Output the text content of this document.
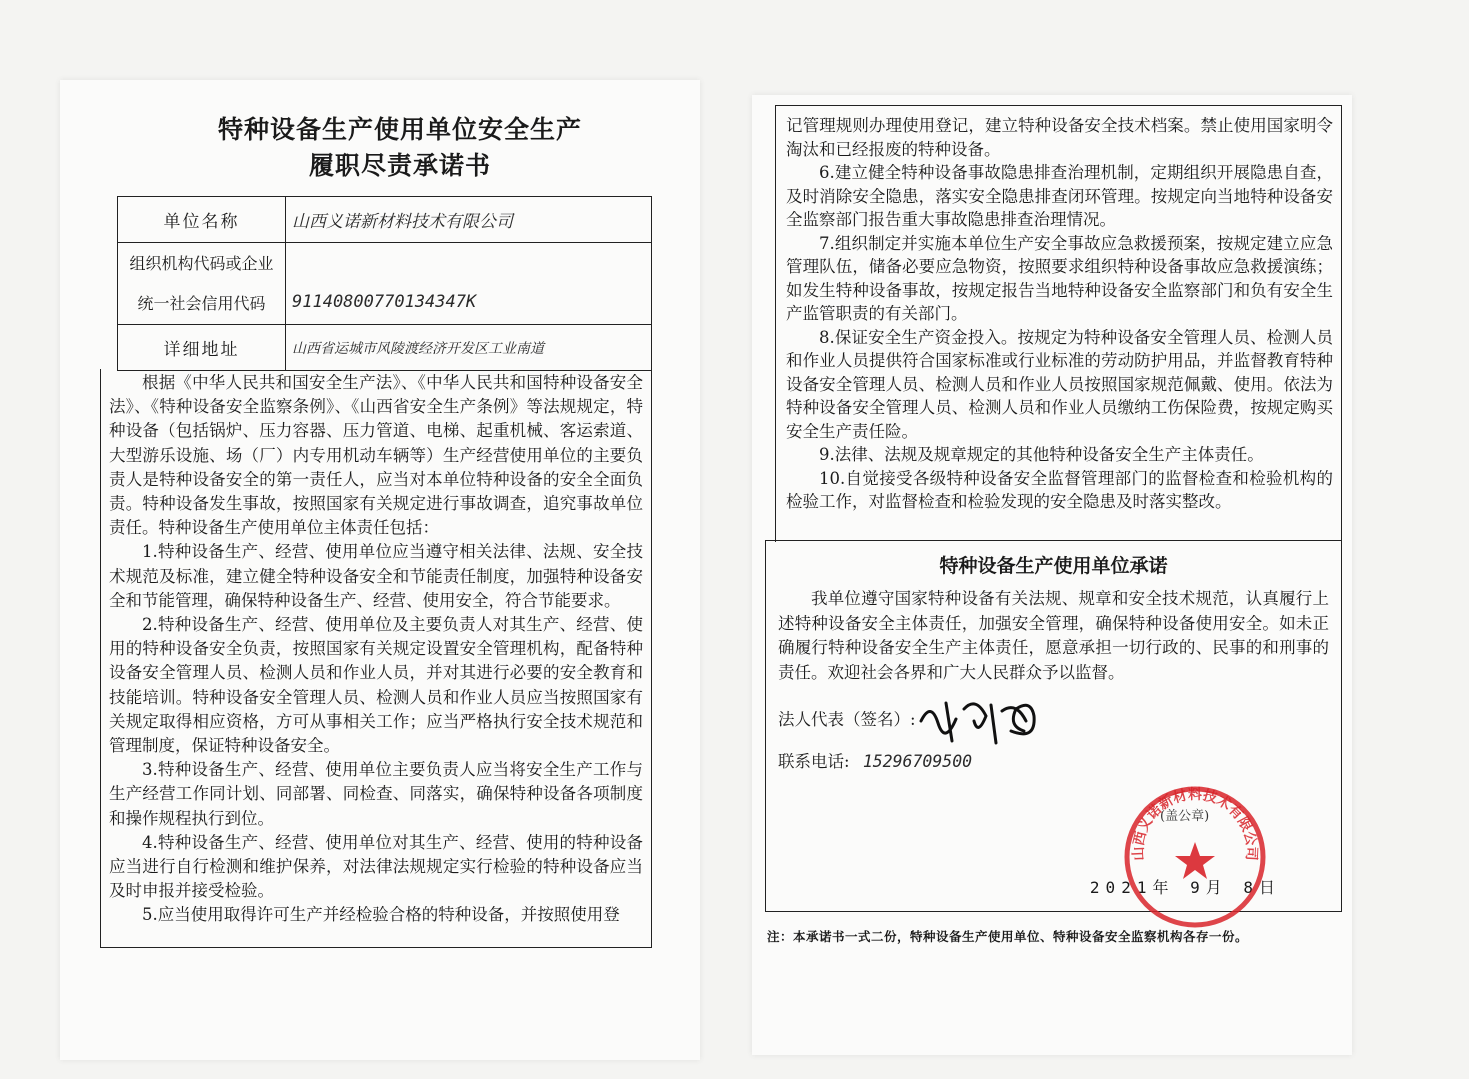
特种设备生产使用单位安全生产
履职尽责承诺书
单位名称	山西义诺新材料技术有限公司

组织机构代码或企业
统一社会信用代码	91140800770134347K
详细地址	山西省运城市风陵渡经济开发区工业南道

根据《中华人民共和国安全生产法》、《中华人民共和国特种设备安全法》、《特种设备安全监察条例》、《山西省安全生产条例》等法规规定，特种设备（包括锅炉、压力容器、压力管道、电梯、起重机械、客运索道、大型游乐设施、场（厂）内专用机动车辆等）生产经营使用单位的主要负责人是特种设备安全的第一责任人，应当对本单位特种设备的安全全面负责。特种设备发生事故，按照国家有关规定进行事故调查，追究事故单位责任。特种设备生产使用单位主体责任包括：

1.特种设备生产、经营、使用单位应当遵守相关法律、法规、安全技术规范及标准，建立健全特种设备安全和节能责任制度，加强特种设备安全和节能管理，确保特种设备生产、经营、使用安全，符合节能要求。

2.特种设备生产、经营、使用单位及主要负责人对其生产、经营、使用的特种设备安全负责，按照国家有关规定设置安全管理机构，配备特种设备安全管理人员、检测人员和作业人员，并对其进行必要的安全教育和技能培训。特种设备安全管理人员、检测人员和作业人员应当按照国家有关规定取得相应资格，方可从事相关工作；应当严格执行安全技术规范和管理制度，保证特种设备安全。

3.特种设备生产、经营、使用单位主要负责人应当将安全生产工作与生产经营工作同计划、同部署、同检查、同落实，确保特种设备各项制度和操作规程执行到位。

4.特种设备生产、经营、使用单位对其生产、经营、使用的特种设备应当进行自行检测和维护保养，对法律法规规定实行检验的特种设备应当及时申报并接受检验。

5.应当使用取得许可生产并经检验合格的特种设备，并按照使用登

记管理规则办理使用登记，建立特种设备安全技术档案。禁止使用国家明令淘汰和已经报废的特种设备。

6.建立健全特种设备事故隐患排查治理机制，定期组织开展隐患自查，及时消除安全隐患，落实安全隐患排查闭环管理。按规定向当地特种设备安全监察部门报告重大事故隐患排查治理情况。

7.组织制定并实施本单位生产安全事故应急救援预案，按规定建立应急管理队伍，储备必要应急物资，按照要求组织特种设备事故应急救援演练；如发生特种设备事故，按规定报告当地特种设备安全监察部门和负有安全生产监管职责的有关部门。

8.保证安全生产资金投入。按规定为特种设备安全管理人员、检测人员和作业人员提供符合国家标准或行业标准的劳动防护用品，并监督教育特种设备安全管理人员、检测人员和作业人员按照国家规范佩戴、使用。依法为特种设备安全管理人员、检测人员和作业人员缴纳工伤保险费，按规定购买安全生产责任险。

9.法律、法规及规章规定的其他特种设备安全生产主体责任。

10.自觉接受各级特种设备安全监督管理部门的监督检查和检验机构的检验工作，对监督检查和检验发现的安全隐患及时落实整改。

特种设备生产使用单位承诺

我单位遵守国家特种设备有关法规、规章和安全技术规范，认真履行上述特种设备安全主体责任，加强安全管理，确保特种设备使用安全。如未正确履行特种设备安全生产主体责任，愿意承担一切行政的、民事的和刑事的责任。欢迎社会各界和广大人民群众予以监督。

法人代表（签名）:
联系电话: 15296709500
2021年 9月 8日
山西义诺新材料技术有限公司
(盖公章)
注：本承诺书一式二份，特种设备生产使用单位、特种设备安全监察机构各存一份。
